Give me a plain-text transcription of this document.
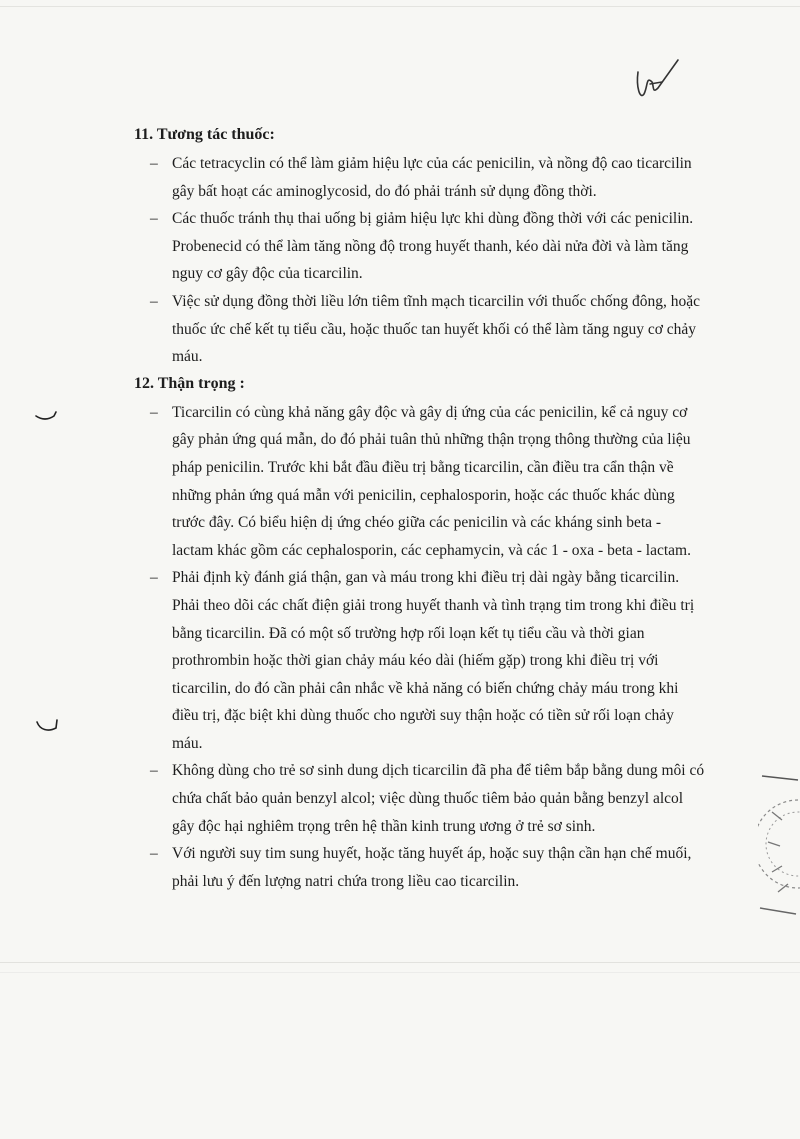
11. Tương tác thuốc:
– Các tetracyclin có thể làm giảm hiệu lực của các penicilin, và nồng độ cao ticarcilin

gây bất hoạt các aminoglycosid, do đó phải tránh sử dụng đồng thời.

– Các thuốc tránh thụ thai uống bị giảm hiệu lực khi dùng đồng thời với các penicilin.

Probenecid có thể làm tăng nồng độ trong huyết thanh, kéo dài nửa đời và làm tăng

nguy cơ gây độc của ticarcilin.

– Việc sử dụng đồng thời liều lớn tiêm tĩnh mạch ticarcilin với thuốc chống đông, hoặc

thuốc ức chế kết tụ tiểu cầu, hoặc thuốc tan huyết khối có thể làm tăng nguy cơ chảy

máu.

12. Thận trọng :
– Ticarcilin có cùng khả năng gây độc và gây dị ứng của các penicilin, kể cả nguy cơ

gây phản ứng quá mẫn, do đó phải tuân thủ những thận trọng thông thường của liệu

pháp penicilin. Trước khi bắt đầu điều trị bằng ticarcilin, cần điều tra cẩn thận về

những phản ứng quá mẫn với penicilin, cephalosporin, hoặc các thuốc khác dùng

trước đây. Có biểu hiện dị ứng chéo giữa các penicilin và các kháng sinh beta -

lactam khác gồm các cephalosporin, các cephamycin, và các 1 - oxa - beta - lactam.

– Phải định kỳ đánh giá thận, gan và máu trong khi điều trị dài ngày bằng ticarcilin.

Phải theo dõi các chất điện giải trong huyết thanh và tình trạng tim trong khi điều trị

bằng ticarcilin. Đã có một số trường hợp rối loạn kết tụ tiểu cầu và thời gian

prothrombin hoặc thời gian chảy máu kéo dài (hiếm gặp) trong khi điều trị với

ticarcilin, do đó cần phải cân nhắc về khả năng có biến chứng chảy máu trong khi

điều trị, đặc biệt khi dùng thuốc cho người suy thận hoặc có tiền sử rối loạn chảy

máu.

– Không dùng cho trẻ sơ sinh dung dịch ticarcilin đã pha để tiêm bắp bằng dung môi có

chứa chất bảo quản benzyl alcol; việc dùng thuốc tiêm bảo quản bằng benzyl alcol

gây độc hại nghiêm trọng trên hệ thần kinh trung ương ở trẻ sơ sinh.

– Với người suy tim sung huyết, hoặc tăng huyết áp, hoặc suy thận cần hạn chế muối,

phải lưu ý đến lượng natri chứa trong liều cao ticarcilin.
